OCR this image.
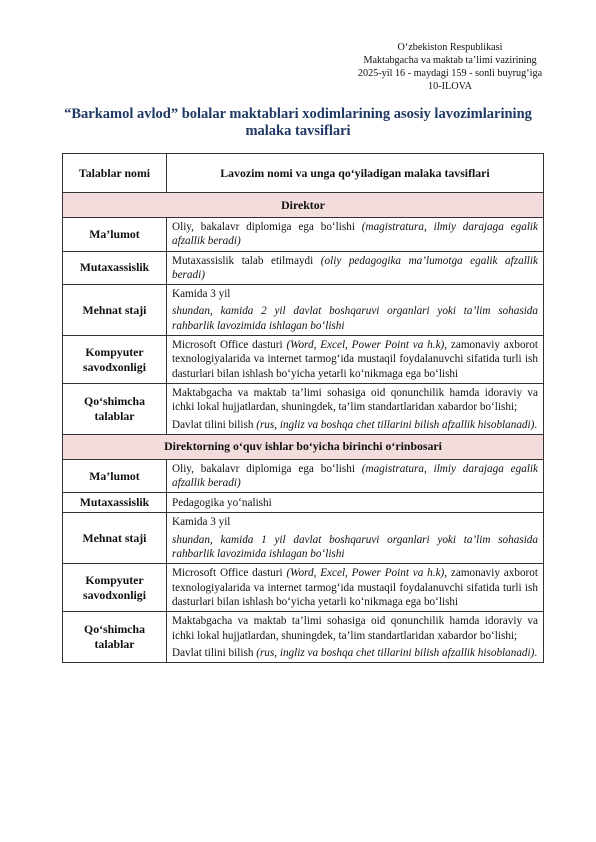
O‘zbekiston Respublikasi
Maktabgacha va maktab ta’limi vazirining
2025-yil 16 - maydagi 159 - sonli buyrug‘iga
10-ILOVA
“Barkamol avlod” bolalar maktablari xodimlarining asosiy lavozimlarining
malaka tavsiflari
Talablar nomi	Lavozim nomi va unga qo‘yiladigan malaka tavsiflari
Direktor	
Ma’lumot	Oliy, bakalavr diplomiga ega bo‘lishi (magistratura, ilmiy darajaga egalik afzallik beradi)

Mutaxassislik	Mutaxassislik talab etilmaydi (oliy pedagogika ma’lumotga egalik afzallik beradi)

Mehnat staji	Kamida 3 yil

shundan, kamida 2 yil davlat boshqaruvi organlari yoki ta’lim sohasida rahbarlik lavozimida ishlagan bo‘lishi

Kompyuter savodxonligi	Microsoft Office dasturi (Word, Excel, Power Point va h.k), zamonaviy axborot texnologiyalarida va internet tarmog‘ida mustaqil foydalanuvchi sifatida turli ish dasturlari bilan ishlash bo‘yicha yetarli ko‘nikmaga ega bo‘lishi

Qo‘shimcha talablar	Maktabgacha va maktab ta’limi sohasiga oid qonunchilik hamda idoraviy va ichki lokal hujjatlardan, shuningdek, ta’lim standartlaridan xabardor bo‘lishi;

Davlat tilini bilish (rus, ingliz va boshqa chet tillarini bilish afzallik hisoblanadi).

Direktorning o‘quv ishlar bo‘yicha birinchi o‘rinbosari	
Ma’lumot	Oliy, bakalavr diplomiga ega bo‘lishi (magistratura, ilmiy darajaga egalik afzallik beradi)

Mutaxassislik	Pedagogika yo‘nalishi

Mehnat staji	Kamida 3 yil

shundan, kamida 1 yil davlat boshqaruvi organlari yoki ta’lim sohasida rahbarlik lavozimida ishlagan bo‘lishi

Kompyuter savodxonligi	Microsoft Office dasturi (Word, Excel, Power Point va h.k), zamonaviy axborot texnologiyalarida va internet tarmog‘ida mustaqil foydalanuvchi sifatida turli ish dasturlari bilan ishlash bo‘yicha yetarli ko‘nikmaga ega bo‘lishi

Qo‘shimcha talablar	Maktabgacha va maktab ta’limi sohasiga oid qonunchilik hamda idoraviy va ichki lokal hujjatlardan, shuningdek, ta’lim standartlaridan xabardor bo‘lishi;

Davlat tilini bilish (rus, ingliz va boshqa chet tillarini bilish afzallik hisoblanadi).
